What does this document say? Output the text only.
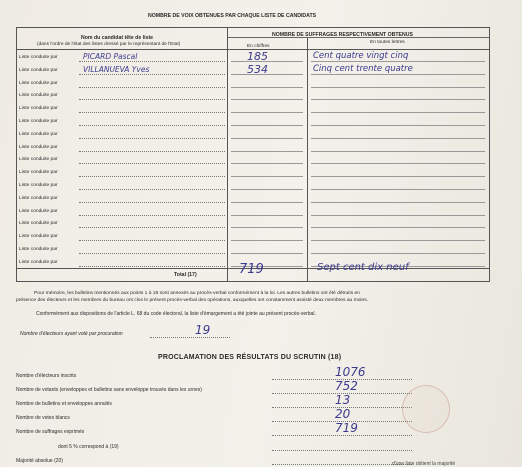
NOMBRE DE VOIX OBTENUES PAR CHAQUE LISTE DE CANDIDATS
Nom du candidat tête de liste
(dans l'ordre de l'état des listes dressé par le représentant de l'Etat)
NOMBRE DE SUFFRAGES RESPECTIVEMENT OBTENUS
En chiffres
En toutes lettres
Liste conduite par	PICARD Pascal	185	Cent quatre vingt cinq
Liste conduite par	VILLANUEVA Yves	534	Cinq cent trente quatre
Liste conduite par
Liste conduite par
Liste conduite par
Liste conduite par
Liste conduite par
Liste conduite par
Liste conduite par
Liste conduite par
Liste conduite par
Liste conduite par
Liste conduite par
Liste conduite par
Liste conduite par
Liste conduite par
Liste conduite par
Total (17)	719	Sept cent dix neuf
Pour mémoire, les bulletins mentionnés aux points 1 à 18 sont annexés au procès-verbal conformément à la loi. Les autres bulletins ont été détruits en
présence des électeurs et les membres du bureau ont clos le présent procès-verbal des opérations, auxquelles ont constamment assisté deux membres au moins.
Conformément aux dispositions de l'article L. 68 du code électoral, la liste d'émargement a été jointe au présent procès-verbal.
Nombre d'électeurs ayant voté par procuration	19
PROCLAMATION DES RÉSULTATS DU SCRUTIN (18)
Nombre d'électeurs inscrits	1076
Nombre de votants (enveloppes et bulletins sans enveloppe trouvés dans les urnes)	752
Nombre de bulletins et enveloppes annulés	13
Nombre de votes blancs	20
Nombre de suffrages exprimés	719
dont 5 % correspond à (19)
Majorité absolue (20)	d'une liste obtient la majorité
